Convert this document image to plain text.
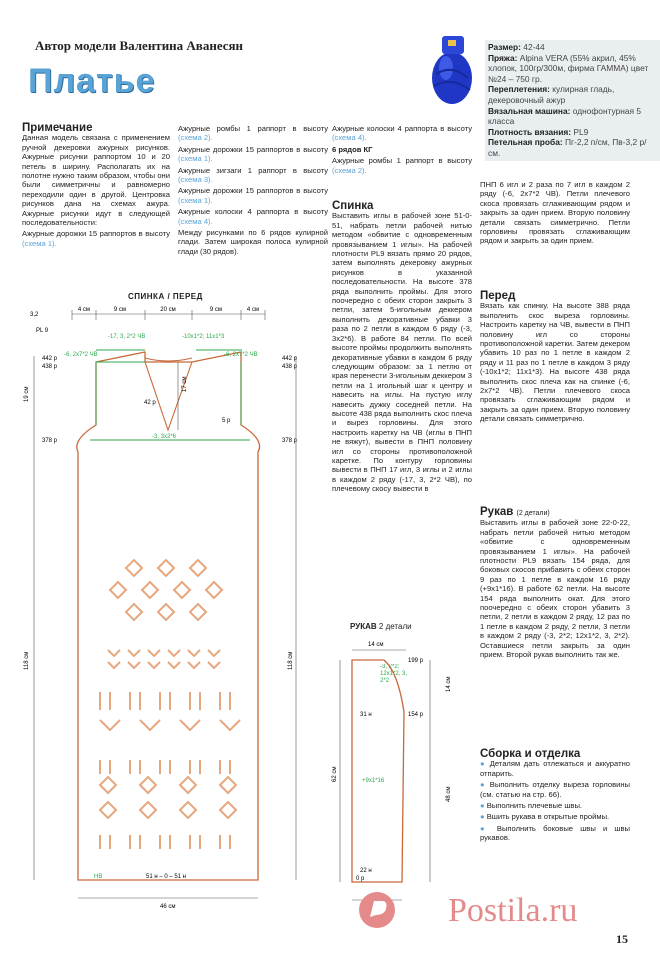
Автор модели Валентина Аванесян
Платье
Размер: 42-44
Пряжа: Alpina VERA (55% акрил, 45% хлопок, 100гр/300м, фирма ГАММА) цвет №24 – 750 гр.
Переплетения: кулирная гладь, декеровочный ажур
Вязальная машина: однофонтурная 5 класса
Плотность вязания: PL9
Петельная проба: Пг-2,2 п/см, Пв-3,2 р/см.
Примечание

Данная модель связана с применением ручной декеровки ажурных рисунков. Ажурные рисунки раппортом 10 и 20 петель в ширину. Располагать их на полотне нужно таким образом, чтобы они были симметричны и равномерно переходили один в другой. Центровка рисунков дана на схемах ажура. Ажурные рисунки идут в следующей последовательности:

Ажурные дорожки 15 раппортов в высоту (схема 1).

Ажурные ромбы 1 раппорт в высоту (схема 2).

Ажурные дорожки 15 раппортов в высоту (схема 1).

Ажурные зигзаги 1 раппорт в высоту (схема 3).

Ажурные дорожки 15 раппортов в высоту (схема 1).

Ажурные колоски 4 раппорта в высоту (схема 4).

Между рисунками по 6 рядов кулирной глади. Затем широкая полоса кулирной глади (30 рядов).

Ажурные колоски 4 раппорта в высоту (схема 4).

6 рядов КГ

Ажурные ромбы 1 раппорт в высоту (схема 2).

Спинка

Выставить иглы в рабочей зоне 51-0-51, набрать петли рабочей нитью методом «обвитие с одновременным провязыванием 1 иглы». На рабочей плотности PL9 вязать прямо 20 рядов, затем выполнять декеровку ажурных рисунков в указанной последовательности. На высоте 378 ряда выполнить проймы. Для этого поочередно с обеих сторон закрыть 3 петли, затем 5-игольным деккером выполнить декоративные убавки 3 раза по 2 петли в каждом 6 ряду (-3, 3х2*6). В работе 84 петли. По всей высоте проймы продолжить выполнять декоративные убавки в каждом 6 ряду следующим образом: за 1 петлю от края перенести 3-игольным деккером 3 петли на 1 игольный шаг к центру и навесить на иглы. На пустую иглу навесить дужку соседней петли. На высоте 438 ряда выполнить скос плеча и вырез горловины. Для этого настроить каретку на ЧВ (иглы в ПНП не вяжут), вывести в ПНП половину игл со стороны противоположной каретке. По контуру горловины вывести в ПНП 17 игл, 3 иглы и 2 иглы в каждом 2 ряду (-17, 3, 2*2 ЧВ), по плечевому скосу вывести в

ПНП 6 игл и 2 раза по 7 игл в каждом 2 ряду (-6, 2х7*2 ЧВ). Петли плечевого скоса провязать сглаживающим рядом и закрыть за один прием. Вторую половину детали связать симметрично. Петли горловины провязать сглаживающим рядом и закрыть за один прием.

Перед

Вязать как спинку. На высоте 388 ряда выполнить скос выреза горловины. Настроить каретку на ЧВ, вывести в ПНП половину игл со стороны противоположной каретки. Затем декером убавить 10 раз по 1 петле в каждом 2 ряду и 11 раз по 1 петле в каждом 3 ряду (-10х1*2; 11х1*3). На высоте 438 ряда выполнить скос плеча как на спинке (-6, 2х7*2 ЧВ). Петли плечевого скоса провязать сглаживающим рядом и закрыть за один прием. Вторую половину детали связать симметрично.

Рукав (2 детали)

Выставить иглы в рабочей зоне 22-0-22, набрать петли рабочей нитью методом «обвитие с одновременным провязыванием 1 иглы». На рабочей плотности PL9 вязать 154 ряда, для боковых скосов прибавить с обеих сторон 9 раз по 1 петле в каждом 16 ряду (+9х1*16). В работе 62 петли. На высоте 154 ряда выполнить окат. Для этого поочередно с обеих сторон убавить 3 петли, 2 петли в каждом 2 ряду, 12 раз по 1 петле в каждом 2 ряду, 2 петли, 3 петли в каждом 2 ряду (-3, 2*2; 12х1*2, 3, 2*2). Оставшиеся петли закрыть за один прием. Второй рукав выполнить так же.

Сборка и отделка

● Деталям дать отлежаться и аккуратно отпарить.

● Выполнить отделку выреза горловины (см. статью на стр. 66).

● Выполнить плечевые швы.

● Вшить рукава в открытые проймы.

● Выполнить боковые швы и швы рукавов.

СПИНКА / ПЕРЕД
4 см	9 см	20 см	9 см	4 см
3,2
PL 9
-17, 3, 2*2 ЧВ	-10х1*2; 11х1*3
-6, 2х7*2 ЧВ	-6, 2х7*2 ЧВ
-3, 3х2*6
442 р
438 р
378 р
442 р
438 р
378 р
42 р
5 р
19 см
17 см
118 см	118 см
46 см
НВ	51 н – 0 – 51 н
РУКАВ 2 детали
14 см
62 см
14 см
48 см
199 р
154 р
0 р
31 н
22 н
-3, 2*2; 12х1*2, 3, 2*2
+9х1*16
Postila.ru
15
